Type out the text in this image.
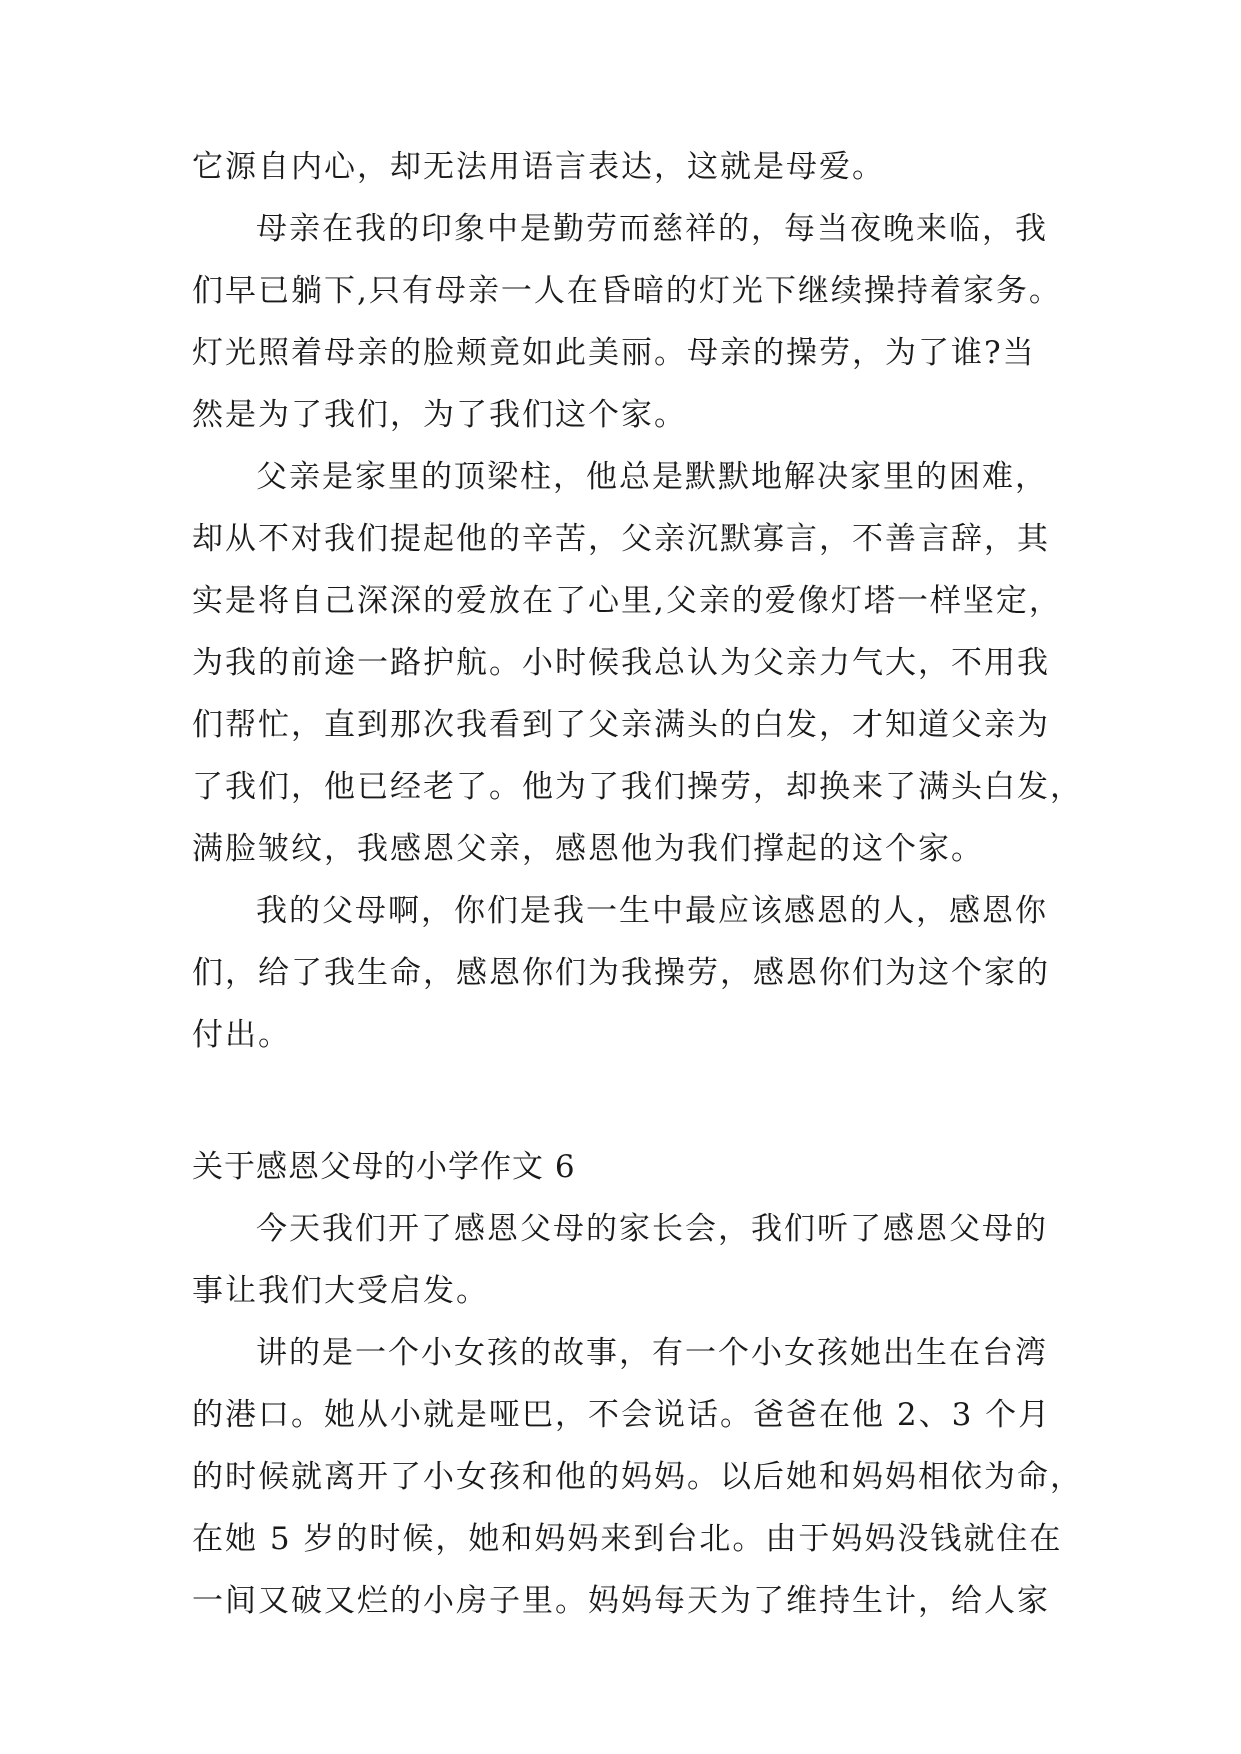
它源自内心，却无法用语言表达，这就是母爱。
母亲在我的印象中是勤劳而慈祥的，每当夜晚来临，我
们早已躺下,只有母亲一人在昏暗的灯光下继续操持着家务。
灯光照着母亲的脸颊竟如此美丽。母亲的操劳，为了谁?当
然是为了我们，为了我们这个家。
父亲是家里的顶梁柱，他总是默默地解决家里的困难，
却从不对我们提起他的辛苦，父亲沉默寡言，不善言辞，其
实是将自己深深的爱放在了心里,父亲的爱像灯塔一样坚定，
为我的前途一路护航。小时候我总认为父亲力气大，不用我
们帮忙，直到那次我看到了父亲满头的白发，才知道父亲为
了我们，他已经老了。他为了我们操劳，却换来了满头白发，
满脸皱纹，我感恩父亲，感恩他为我们撑起的这个家。
我的父母啊，你们是我一生中最应该感恩的人，感恩你
们，给了我生命，感恩你们为我操劳，感恩你们为这个家的
付出。
关于感恩父母的小学作文 6
今天我们开了感恩父母的家长会，我们听了感恩父母的
事让我们大受启发。
讲的是一个小女孩的故事，有一个小女孩她出生在台湾
的港口。她从小就是哑巴，不会说话。爸爸在他 2、3 个月
的时候就离开了小女孩和他的妈妈。以后她和妈妈相依为命，
在她 5 岁的时候，她和妈妈来到台北。由于妈妈没钱就住在
一间又破又烂的小房子里。妈妈每天为了维持生计，给人家
